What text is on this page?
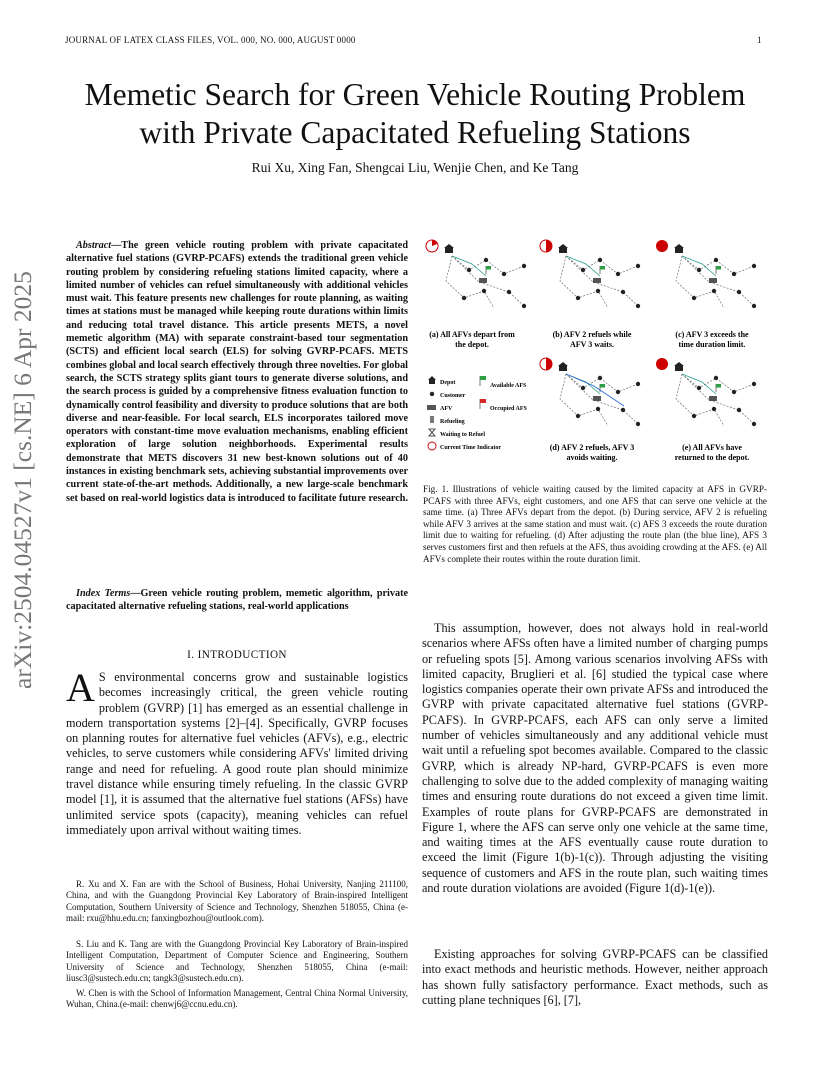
JOURNAL OF LATEX CLASS FILES, VOL. 000, NO. 000, AUGUST 0000	1
arXiv:2504.04527v1 [cs.NE] 6 Apr 2025
Memetic Search for Green Vehicle Routing Problem
with Private Capacitated Refueling Stations
Rui Xu, Xing Fan, Shengcai Liu, Wenjie Chen, and Ke Tang
Abstract—The green vehicle routing problem with private capacitated alternative fuel stations (GVRP-PCAFS) extends the traditional green vehicle routing problem by considering refueling stations limited capacity, where a limited number of vehicles can refuel simultaneously with additional vehicles must wait. This feature presents new challenges for route planning, as waiting times at stations must be managed while keeping route durations within limits and reducing total travel distance. This article presents METS, a novel memetic algorithm (MA) with separate constraint-based tour segmentation (SCTS) and efficient local search (ELS) for solving GVRP-PCAFS. METS combines global and local search effectively through three novelties. For global search, the SCTS strategy splits giant tours to generate diverse solutions, and the search process is guided by a comprehensive fitness evaluation function to dynamically control feasibility and diversity to produce solutions that are both diverse and near-feasible. For local search, ELS incorporates tailored move operators with constant-time move evaluation mechanisms, enabling efficient exploration of large solution neighborhoods. Experimental results demonstrate that METS discovers 31 new best-known solutions out of 40 instances in existing benchmark sets, achieving substantial improvements over current state-of-the-art methods. Additionally, a new large-scale benchmark set based on real-world logistics data is introduced to facilitate future research.
Index Terms—Green vehicle routing problem, memetic algorithm, private capacitated alternative refueling stations, real-world applications
I. INTRODUCTION

A S environmental concerns grow and sustainable logistics becomes increasingly critical, the green vehicle routing problem (GVRP) [1] has emerged as an essential challenge in modern transportation systems [2]–[4]. Specifically, GVRP focuses on planning routes for alternative fuel vehicles (AFVs), e.g., electric vehicles, to serve customers while considering AFVs' limited driving range and need for refueling. A good route plan should minimize travel distance while ensuring timely refueling. In the classic GVRP model [1], it is assumed that the alternative fuel stations (AFSs) have unlimited service spots (capacity), meaning vehicles can refuel immediately upon arrival without waiting times.

R. Xu and X. Fan are with the School of Business, Hohai University, Nanjing 211100, China, and with the Guangdong Provincial Key Laboratory of Brain-inspired Intelligent Computation, Southern University of Science and Technology, Shenzhen 518055, China (e-mail: rxu@hhu.edu.cn; fanxingbozhou@outlook.com).
S. Liu and K. Tang are with the Guangdong Provincial Key Laboratory of Brain-inspired Intelligent Computation, Department of Computer Science and Engineering, Southern University of Science and Technology, Shenzhen 518055, China (e-mail: liusc3@sustech.edu.cn; tangk3@sustech.edu.cn).
W. Chen is with the School of Information Management, Central China Normal University, Wuhan, China.(e-mail: chenwj6@ccnu.edu.cn).
(a) All AFVs depart from
the depot.
(b) AFV 2 refuels while
AFV 3 waits.
(c) AFV 3 exceeds the
time duration limit.
(d) AFV 2 refuels, AFV 3
avoids waiting.
(e) All AFVs have
returned to the depot.
Depot
Customer
AFV
Refueling
Waiting to Refuel
Current Time Indicator
Available AFS
Occupied AFS
Fig. 1. Illustrations of vehicle waiting caused by the limited capacity at AFS in GVRP-PCAFS with three AFVs, eight customers, and one AFS that can serve one vehicle at the same time. (a) Three AFVs depart from the depot. (b) During service, AFV 2 is refueling while AFV 3 arrives at the same station and must wait. (c) AFS 3 exceeds the route duration limit due to waiting for refueling. (d) After adjusting the route plan (the blue line), AFS 3 serves customers first and then refuels at the AFS, thus avoiding crowding at the AFS. (e) All AFVs complete their routes within the route duration limit.
This assumption, however, does not always hold in real-world scenarios where AFSs often have a limited number of charging pumps or refueling spots [5]. Among various scenarios involving AFSs with limited capacity, Bruglieri et al. [6] studied the typical case where logistics companies operate their own private AFSs and introduced the GVRP with private capacitated alternative fuel stations (GVRP-PCAFS). In GVRP-PCAFS, each AFS can only serve a limited number of vehicles simultaneously and any additional vehicle must wait until a refueling spot becomes available. Compared to the classic GVRP, which is already NP-hard, GVRP-PCAFS is even more challenging to solve due to the added complexity of managing waiting times and ensuring route durations do not exceed a given time limit. Examples of route plans for GVRP-PCAFS are demonstrated in Figure 1, where the AFS can serve only one vehicle at the same time, and waiting times at the AFS eventually cause route duration to exceed the limit (Figure 1(b)-1(c)). Through adjusting the visiting sequence of customers and AFS in the route plan, such waiting times and route duration violations are avoided (Figure 1(d)-1(e)).
Existing approaches for solving GVRP-PCAFS can be classified into exact methods and heuristic methods. However, neither approach has shown fully satisfactory performance. Exact methods, such as cutting plane techniques [6], [7],
